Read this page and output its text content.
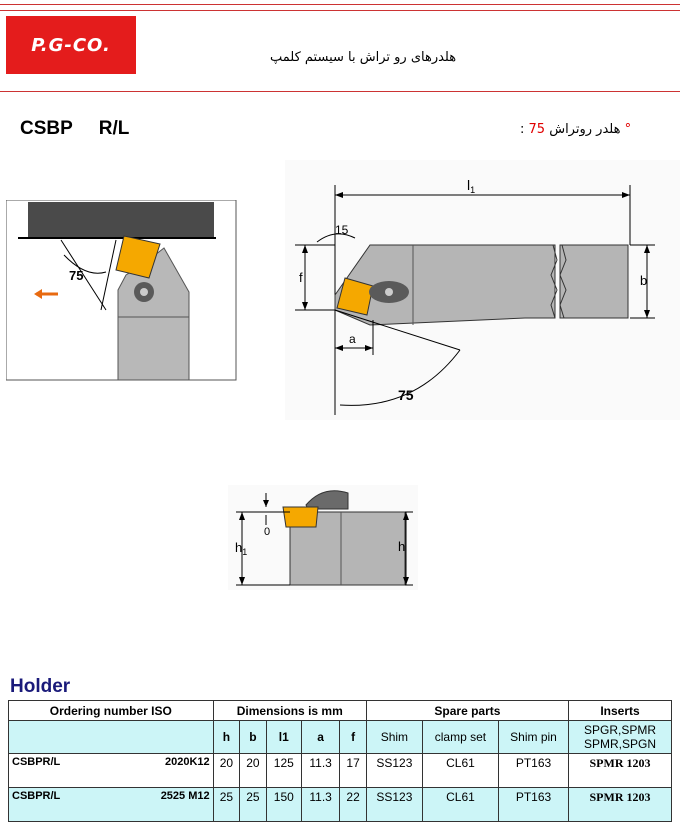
P.G-CO.
هلدرهای رو تراش با سیستم کلمپ
CSBP R/L	: هلدر روتراش 75 °
75
$l_1$
f	b
a
15
75
$h_1$	h
0
Holder
Ordering number ISO	Dimensions is mm					Spare parts			Inserts
	h	b	l1	a	f	Shim	clamp set	Shim pin	SPGR,SPMR SPMR,SPGN

CSBPR/L 2020K12	20	20	125	11.3	17	SS123	CL61	PT163	SPMR 1203

CSBPR/L 2525 M12	25	25	150	11.3	22	SS123	CL61	PT163	SPMR 1203
